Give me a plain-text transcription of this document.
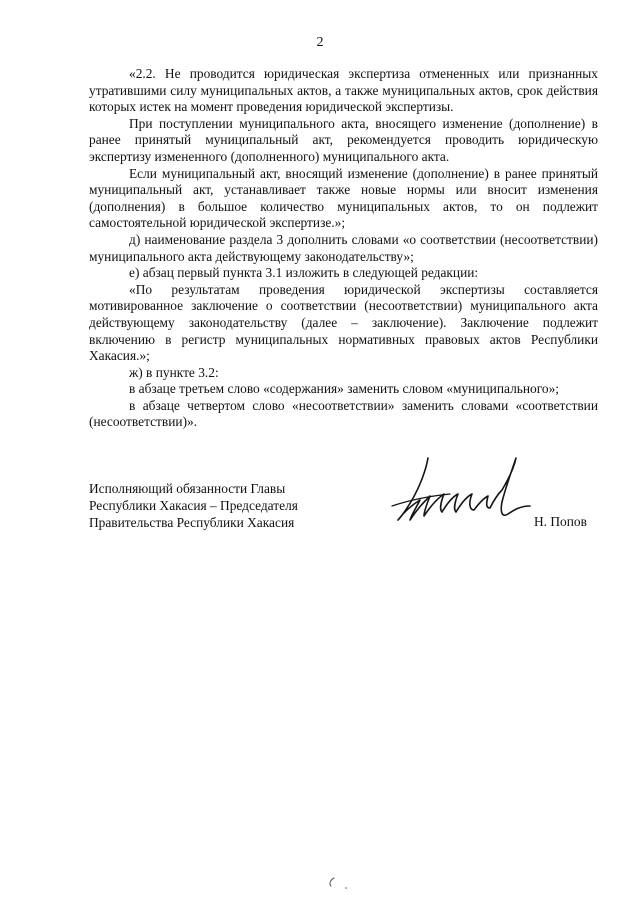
2

«2.2. Не проводится юридическая экспертиза отмененных или признанных утратившими силу муниципальных актов, а также муниципальных актов, срок действия которых истек на момент проведения юридической экспертизы.

При поступлении муниципального акта, вносящего изменение (дополнение) в ранее принятый муниципальный акт, рекомендуется проводить юридическую экспертизу измененного (дополненного) муниципального акта.

Если муниципальный акт, вносящий изменение (дополнение) в ранее принятый муниципальный акт, устанавливает также новые нормы или вносит изменения (дополнения) в большое количество муниципальных актов, то он подлежит самостоятельной юридической экспертизе.»;

д) наименование раздела 3 дополнить словами «о соответствии (несоответствии) муниципального акта действующему законодательству»;

е) абзац первый пункта 3.1 изложить в следующей редакции:

«По результатам проведения юридической экспертизы составляется мотивированное заключение о соответствии (несоответствии) муниципального акта действующему законодательству (далее – заключение). Заключение подлежит включению в регистр муниципальных нормативных правовых актов Республики Хакасия.»;

ж) в пункте 3.2:

в абзаце третьем слово «содержания» заменить словом «муниципального»;

в абзаце четвертом слово «несоответствии» заменить словами «соответствии (несоответствии)».

Исполняющий обязанности Главы
Республики Хакасия – Председателя
Правительства Республики Хакасия	Н. Попов
